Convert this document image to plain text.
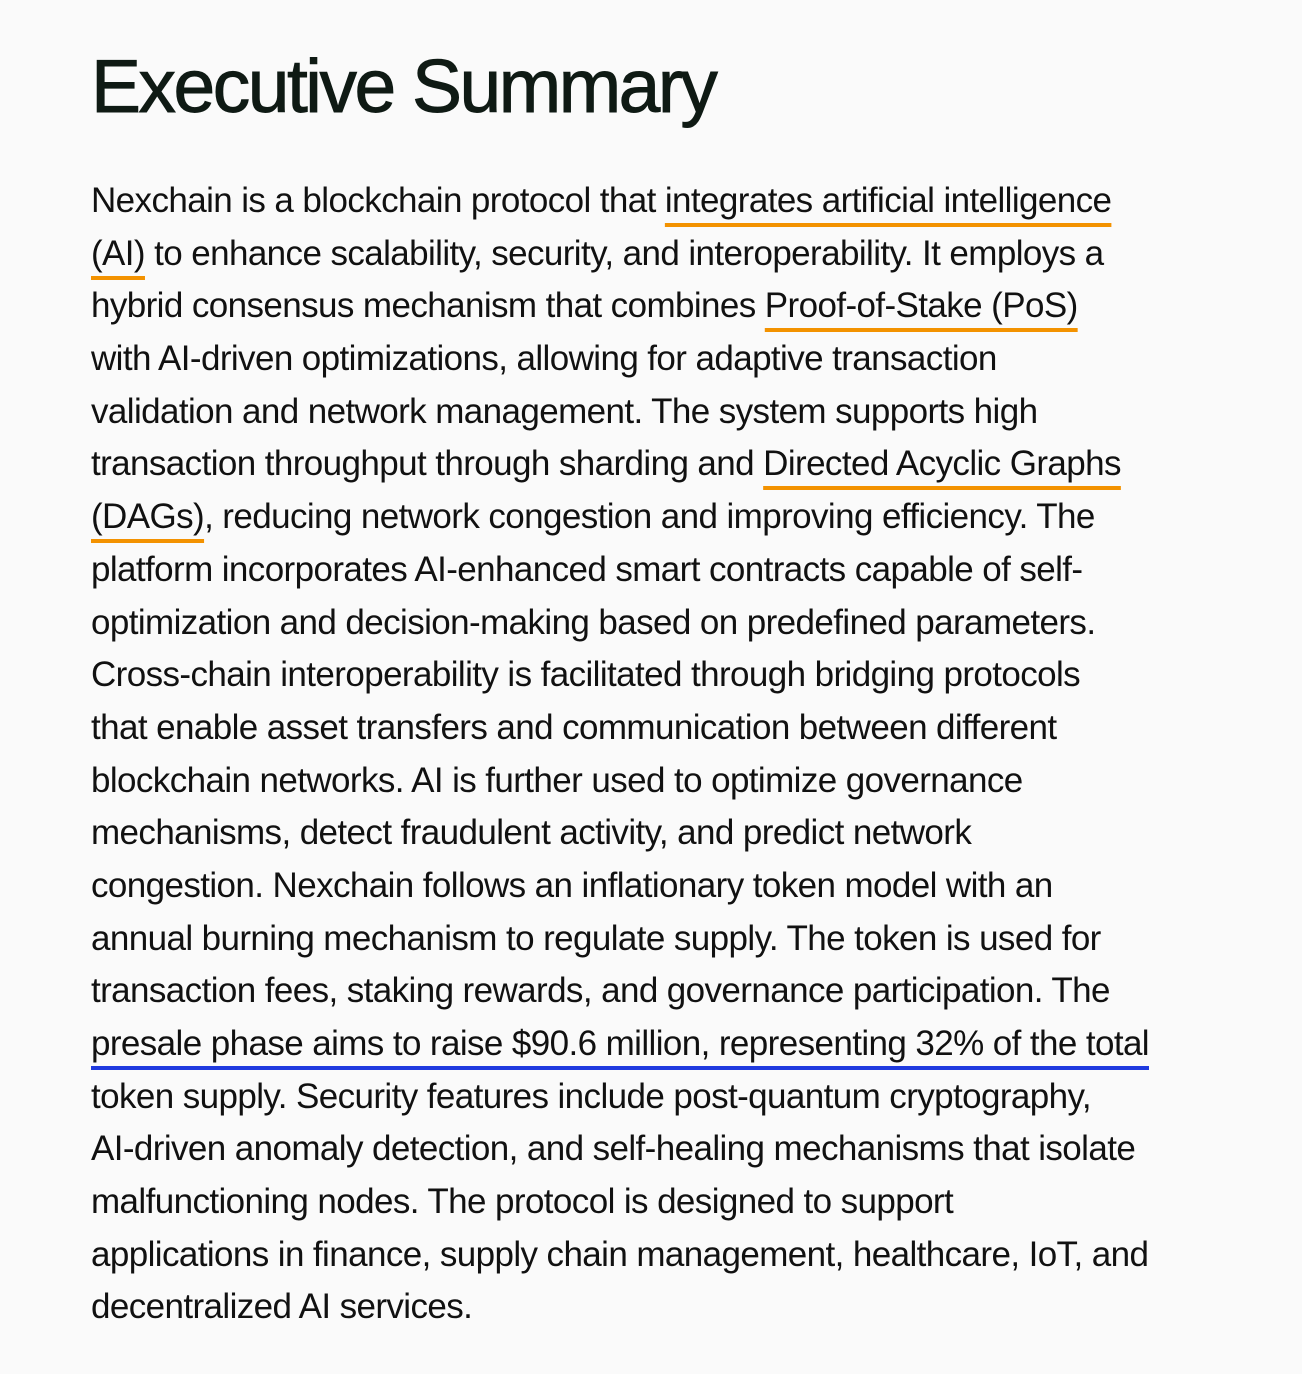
Executive Summary

Nexchain is a blockchain protocol that integrates artificial intelligence
(AI) to enhance scalability, security, and interoperability. It employs a
hybrid consensus mechanism that combines Proof-of-Stake (PoS)
with AI-driven optimizations, allowing for adaptive transaction
validation and network management. The system supports high
transaction throughput through sharding and Directed Acyclic Graphs
(DAGs), reducing network congestion and improving efficiency. The
platform incorporates AI-enhanced smart contracts capable of self-
optimization and decision-making based on predefined parameters.
Cross-chain interoperability is facilitated through bridging protocols
that enable asset transfers and communication between different
blockchain networks. AI is further used to optimize governance
mechanisms, detect fraudulent activity, and predict network
congestion. Nexchain follows an inflationary token model with an
annual burning mechanism to regulate supply. The token is used for
transaction fees, staking rewards, and governance participation. The
presale phase aims to raise $90.6 million, representing 32% of the total
token supply. Security features include post-quantum cryptography,
AI-driven anomaly detection, and self-healing mechanisms that isolate
malfunctioning nodes. The protocol is designed to support
applications in finance, supply chain management, healthcare, IoT, and
decentralized AI services.
